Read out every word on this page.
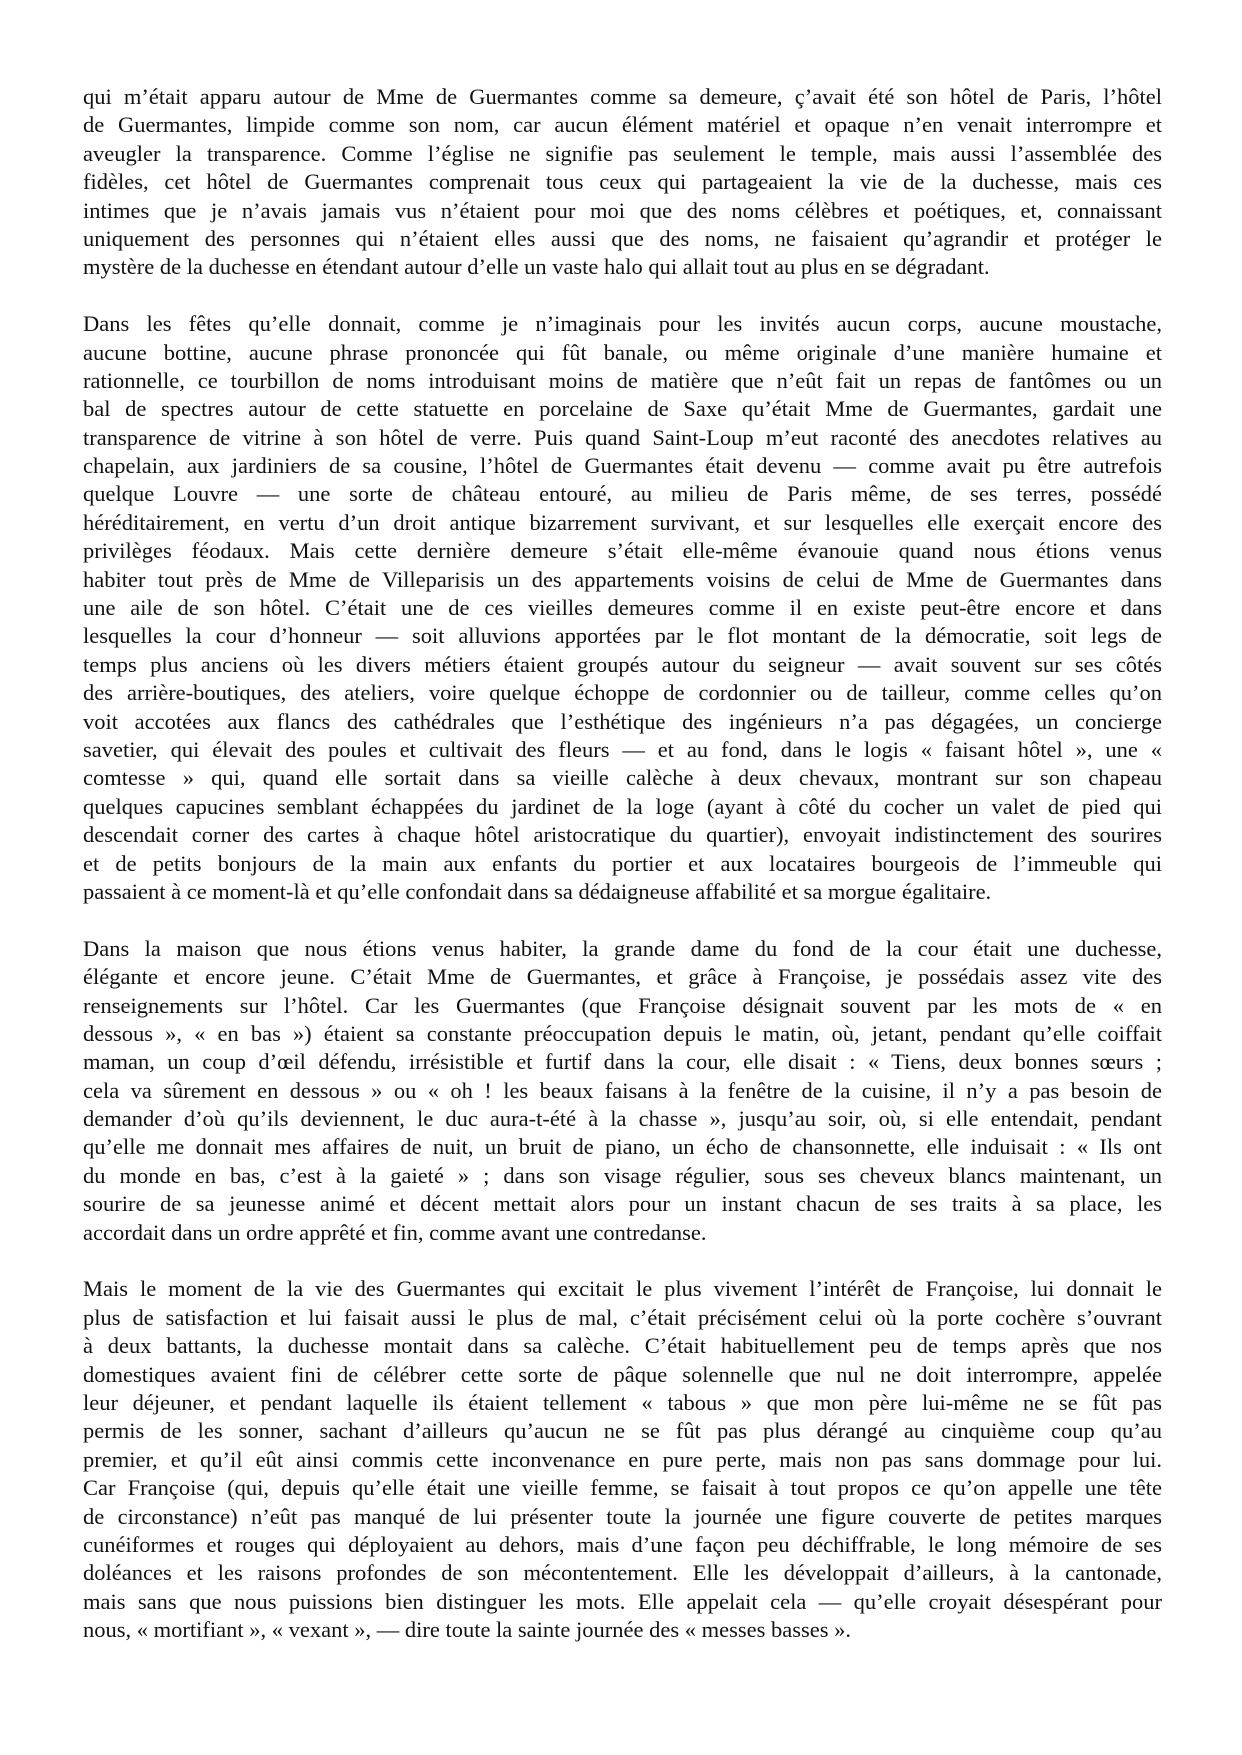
qui m’était apparu autour de Mme de Guermantes comme sa demeure, ç’avait été son hôtel de Paris, l’hôtel
de Guermantes, limpide comme son nom, car aucun élément matériel et opaque n’en venait interrompre et
aveugler la transparence. Comme l’église ne signifie pas seulement le temple, mais aussi l’assemblée des
fidèles, cet hôtel de Guermantes comprenait tous ceux qui partageaient la vie de la duchesse, mais ces
intimes que je n’avais jamais vus n’étaient pour moi que des noms célèbres et poétiques, et, connaissant
uniquement des personnes qui n’étaient elles aussi que des noms, ne faisaient qu’agrandir et protéger le
mystère de la duchesse en étendant autour d’elle un vaste halo qui allait tout au plus en se dégradant.
Dans les fêtes qu’elle donnait, comme je n’imaginais pour les invités aucun corps, aucune moustache,
aucune bottine, aucune phrase prononcée qui fût banale, ou même originale d’une manière humaine et
rationnelle, ce tourbillon de noms introduisant moins de matière que n’eût fait un repas de fantômes ou un
bal de spectres autour de cette statuette en porcelaine de Saxe qu’était Mme de Guermantes, gardait une
transparence de vitrine à son hôtel de verre. Puis quand Saint-Loup m’eut raconté des anecdotes relatives au
chapelain, aux jardiniers de sa cousine, l’hôtel de Guermantes était devenu — comme avait pu être autrefois
quelque Louvre — une sorte de château entouré, au milieu de Paris même, de ses terres, possédé
héréditairement, en vertu d’un droit antique bizarrement survivant, et sur lesquelles elle exerçait encore des
privilèges féodaux. Mais cette dernière demeure s’était elle-même évanouie quand nous étions venus
habiter tout près de Mme de Villeparisis un des appartements voisins de celui de Mme de Guermantes dans
une aile de son hôtel. C’était une de ces vieilles demeures comme il en existe peut-être encore et dans
lesquelles la cour d’honneur — soit alluvions apportées par le flot montant de la démocratie, soit legs de
temps plus anciens où les divers métiers étaient groupés autour du seigneur — avait souvent sur ses côtés
des arrière-boutiques, des ateliers, voire quelque échoppe de cordonnier ou de tailleur, comme celles qu’on
voit accotées aux flancs des cathédrales que l’esthétique des ingénieurs n’a pas dégagées, un concierge
savetier, qui élevait des poules et cultivait des fleurs — et au fond, dans le logis « faisant hôtel », une «
comtesse » qui, quand elle sortait dans sa vieille calèche à deux chevaux, montrant sur son chapeau
quelques capucines semblant échappées du jardinet de la loge (ayant à côté du cocher un valet de pied qui
descendait corner des cartes à chaque hôtel aristocratique du quartier), envoyait indistinctement des sourires
et de petits bonjours de la main aux enfants du portier et aux locataires bourgeois de l’immeuble qui
passaient à ce moment-là et qu’elle confondait dans sa dédaigneuse affabilité et sa morgue égalitaire.
Dans la maison que nous étions venus habiter, la grande dame du fond de la cour était une duchesse,
élégante et encore jeune. C’était Mme de Guermantes, et grâce à Françoise, je possédais assez vite des
renseignements sur l’hôtel. Car les Guermantes (que Françoise désignait souvent par les mots de « en
dessous », « en bas ») étaient sa constante préoccupation depuis le matin, où, jetant, pendant qu’elle coiffait
maman, un coup d’œil défendu, irrésistible et furtif dans la cour, elle disait : « Tiens, deux bonnes sœurs ;
cela va sûrement en dessous » ou « oh ! les beaux faisans à la fenêtre de la cuisine, il n’y a pas besoin de
demander d’où qu’ils deviennent, le duc aura-t-été à la chasse », jusqu’au soir, où, si elle entendait, pendant
qu’elle me donnait mes affaires de nuit, un bruit de piano, un écho de chansonnette, elle induisait : « Ils ont
du monde en bas, c’est à la gaieté » ; dans son visage régulier, sous ses cheveux blancs maintenant, un
sourire de sa jeunesse animé et décent mettait alors pour un instant chacun de ses traits à sa place, les
accordait dans un ordre apprêté et fin, comme avant une contredanse.
Mais le moment de la vie des Guermantes qui excitait le plus vivement l’intérêt de Françoise, lui donnait le
plus de satisfaction et lui faisait aussi le plus de mal, c’était précisément celui où la porte cochère s’ouvrant
à deux battants, la duchesse montait dans sa calèche. C’était habituellement peu de temps après que nos
domestiques avaient fini de célébrer cette sorte de pâque solennelle que nul ne doit interrompre, appelée
leur déjeuner, et pendant laquelle ils étaient tellement « tabous » que mon père lui-même ne se fût pas
permis de les sonner, sachant d’ailleurs qu’aucun ne se fût pas plus dérangé au cinquième coup qu’au
premier, et qu’il eût ainsi commis cette inconvenance en pure perte, mais non pas sans dommage pour lui.
Car Françoise (qui, depuis qu’elle était une vieille femme, se faisait à tout propos ce qu’on appelle une tête
de circonstance) n’eût pas manqué de lui présenter toute la journée une figure couverte de petites marques
cunéiformes et rouges qui déployaient au dehors, mais d’une façon peu déchiffrable, le long mémoire de ses
doléances et les raisons profondes de son mécontentement. Elle les développait d’ailleurs, à la cantonade,
mais sans que nous puissions bien distinguer les mots. Elle appelait cela — qu’elle croyait désespérant pour
nous, « mortifiant », « vexant », — dire toute la sainte journée des « messes basses ».
